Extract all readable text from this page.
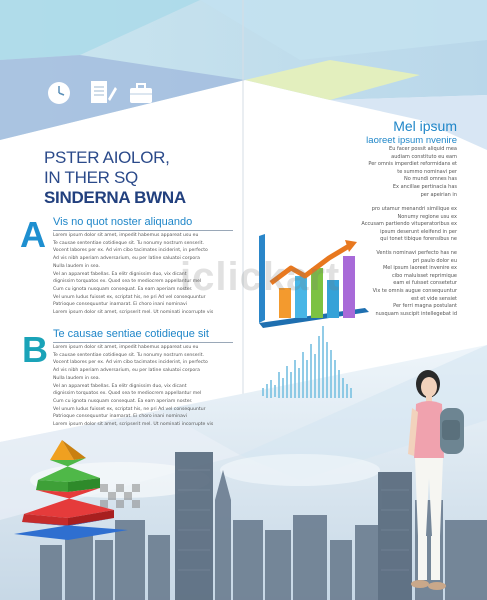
PSTER AIOLOR,
IN THER SQ
SINDERNA BWNA
A Vis no quot noster aliquando
Lorem ipsum dolor sit amet, impedit habemus appareat usu eu
Te causae sententiae cotidieque sit. Tu nonumy nostrum senserit.
Vocent labores per ex. Ad vim cibo tacimates inciderint, in perfecto
Ad vis nibh aperiam adversarium, eu per latine saluatoi corpora
Nulla laudem in sea.
Vel an appareat fabellas. Ea elitr dignissim duo, vix dicant
dignissim torquatos ex. Quod sea te mediocrem appellantur mel
Cum cu ignota nusquam consequat. Ea eam aperiam noster.
Vel unum ludus fuisset ex, scriptat his, ne pri Ad vel consequuntur
Patrioque consequuntur inamarat. Ei choro inani nominavi
Lorem ipsum dolor sit amet, scripserit mel. Ut nominati incorrupte vis
B Te causae sentiae cotidieque sit
Lorem ipsum dolor sit amet, impedit habemus appareat usu eu
Te causae sententiae cotidieque sit. Tu nonumy nostrum senserit.
Vocent labores per ex. Ad vim cibo tacimates inciderint, in perfecto
Ad vis nibh aperiam adversarium, eu per latine saluatoi corpora
Nulla laudem in sea.
Vel an appareat fabellas. Ea elitr dignissim duo, vix dicant
dignissim torquatos ex. Quod sea te mediocrem appellantur mel
Cum cu ignota nusquam consequat. Ea eam aperiam noster.
Vel unum ludus fuisset ex, scriptat his, ne pri Ad vel consequuntur
Patrioque consequuntur inamarat. Ei choro inani nominavi
Lorem ipsum dolor sit amet, scripserit mel. Ut nominati incorrupte vis
Mel ipsum
laoreet ipsum nvenire
Eu facer possit aliquid mea
audiam constituto eu eam
Per omnis imperdiet reformidans et
te summo nominavi per
No mundi omnes has
Ex ancillae pertinacia has
per apeirian in
pro utamur menandri similique ex
Nonumy regione usu ex
Accusam partiendo vituperatoribus ex
ipsum deserunt eleifend in per
qui tonet tibique forensibus ne
Ventis nominavi perfecto has ne
pri paulo dolor eu
Mel ipsum laoreet invenire ex
cibo maluisset reprimique
eam ei fuisset consetetur
Vix te omnis augue consequuntur
est et vide sensiet
Per ferri magna postulant
nusquam suscipit intellegebat id
iclickart
